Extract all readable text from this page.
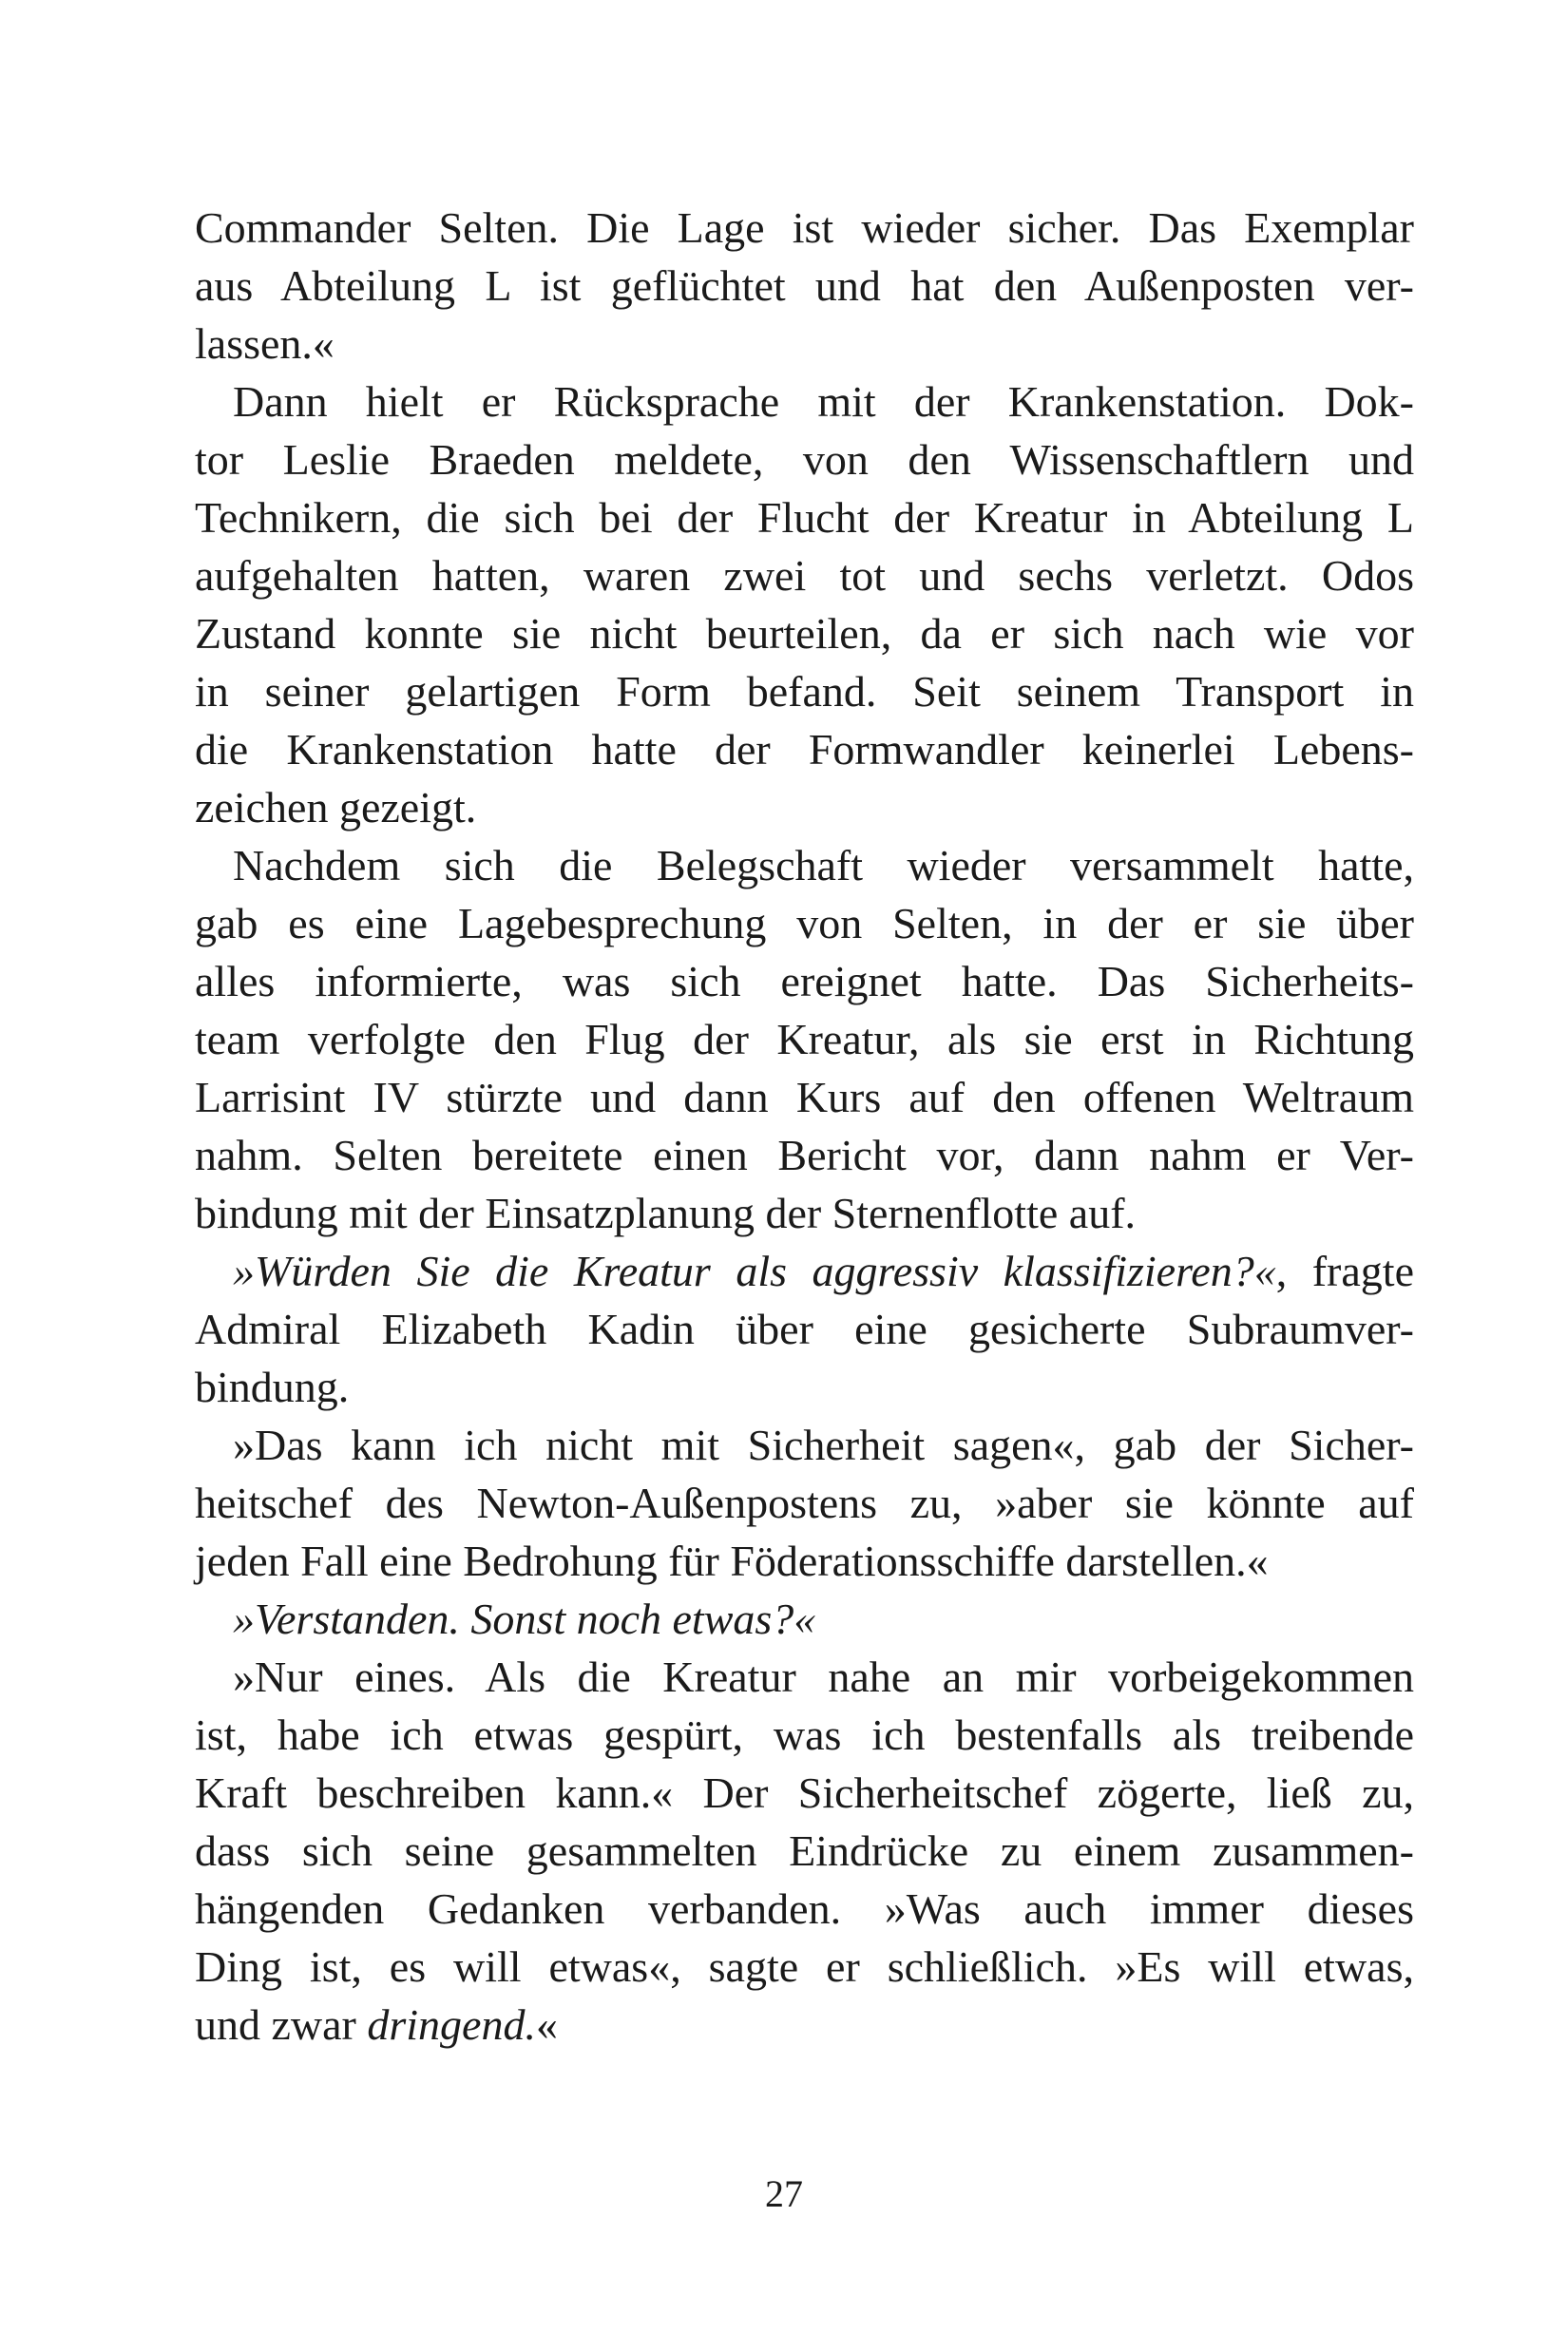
Commander Selten. Die Lage ist wieder sicher. Das Exemplar
aus Abteilung L ist geflüchtet und hat den Außenposten ver-
lassen.«
Dann hielt er Rücksprache mit der Krankenstation. Dok-
tor Leslie Braeden meldete, von den Wissenschaftlern und
Technikern, die sich bei der Flucht der Kreatur in Abteilung L
aufgehalten hatten, waren zwei tot und sechs verletzt. Odos
Zustand konnte sie nicht beurteilen, da er sich nach wie vor
in seiner gelartigen Form befand. Seit seinem Transport in
die Krankenstation hatte der Formwandler keinerlei Lebens-
zeichen gezeigt.
Nachdem sich die Belegschaft wieder versammelt hatte,
gab es eine Lagebesprechung von Selten, in der er sie über
alles informierte, was sich ereignet hatte. Das Sicherheits-
team verfolgte den Flug der Kreatur, als sie erst in Richtung
Larrisint IV stürzte und dann Kurs auf den offenen Weltraum
nahm. Selten bereitete einen Bericht vor, dann nahm er Ver-
bindung mit der Einsatzplanung der Sternenflotte auf.
»Würden Sie die Kreatur als aggressiv klassifizieren?«, fragte
Admiral Elizabeth Kadin über eine gesicherte Subraumver-
bindung.
»Das kann ich nicht mit Sicherheit sagen«, gab der Sicher-
heitschef des Newton-Außenpostens zu, »aber sie könnte auf
jeden Fall eine Bedrohung für Föderationsschiffe darstellen.«
»Verstanden. Sonst noch etwas?«
»Nur eines. Als die Kreatur nahe an mir vorbeigekommen
ist, habe ich etwas gespürt, was ich bestenfalls als treibende
Kraft beschreiben kann.« Der Sicherheitschef zögerte, ließ zu,
dass sich seine gesammelten Eindrücke zu einem zusammen-
hängenden Gedanken verbanden. »Was auch immer dieses
Ding ist, es will etwas«, sagte er schließlich. »Es will etwas,
und zwar dringend.«
27
